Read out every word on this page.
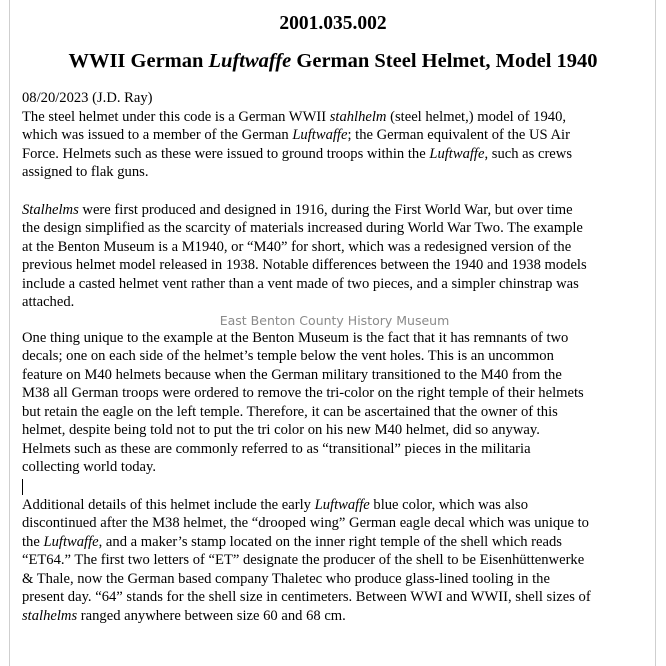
2001.035.002
WWII German Luftwaffe German Steel Helmet, Model 1940
08/20/2023 (J.D. Ray)
The steel helmet under this code is a German WWII stahlhelm (steel helmet,) model of 1940,
which was issued to a member of the German Luftwaffe; the German equivalent of the US Air
Force. Helmets such as these were issued to ground troops within the Luftwaffe, such as crews
assigned to flak guns.
Stalhelms were first produced and designed in 1916, during the First World War, but over time
the design simplified as the scarcity of materials increased during World War Two. The example
at the Benton Museum is a M1940, or “M40” for short, which was a redesigned version of the
previous helmet model released in 1938. Notable differences between the 1940 and 1938 models
include a casted helmet vent rather than a vent made of two pieces, and a simpler chinstrap was
attached.
East Benton County History Museum
One thing unique to the example at the Benton Museum is the fact that it has remnants of two
decals; one on each side of the helmet’s temple below the vent holes. This is an uncommon
feature on M40 helmets because when the German military transitioned to the M40 from the
M38 all German troops were ordered to remove the tri-color on the right temple of their helmets
but retain the eagle on the left temple. Therefore, it can be ascertained that the owner of this
helmet, despite being told not to put the tri color on his new M40 helmet, did so anyway.
Helmets such as these are commonly referred to as “transitional” pieces in the militaria
collecting world today.
Additional details of this helmet include the early Luftwaffe blue color, which was also
discontinued after the M38 helmet, the “drooped wing” German eagle decal which was unique to
the Luftwaffe, and a maker’s stamp located on the inner right temple of the shell which reads
“ET64.” The first two letters of “ET” designate the producer of the shell to be Eisenhüttenwerke
& Thale, now the German based company Thaletec who produce glass-lined tooling in the
present day. “64” stands for the shell size in centimeters. Between WWI and WWII, shell sizes of
stalhelms ranged anywhere between size 60 and 68 cm.
